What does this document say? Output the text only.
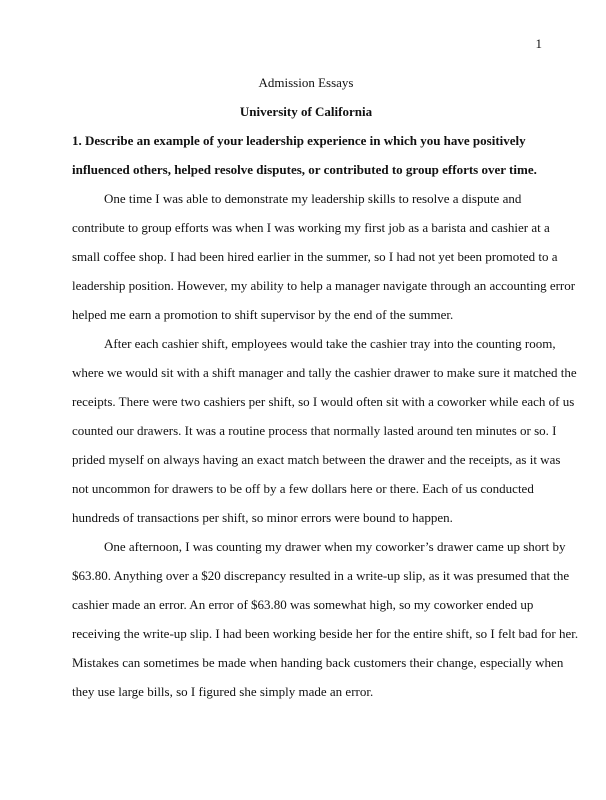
1

Admission Essays

University of California

1. Describe an example of your leadership experience in which you have positively
influenced others, helped resolve disputes, or contributed to group efforts over time.

One time I was able to demonstrate my leadership skills to resolve a dispute and
contribute to group efforts was when I was working my first job as a barista and cashier at a
small coffee shop. I had been hired earlier in the summer, so I had not yet been promoted to a
leadership position. However, my ability to help a manager navigate through an accounting error
helped me earn a promotion to shift supervisor by the end of the summer.

After each cashier shift, employees would take the cashier tray into the counting room,
where we would sit with a shift manager and tally the cashier drawer to make sure it matched the
receipts. There were two cashiers per shift, so I would often sit with a coworker while each of us
counted our drawers. It was a routine process that normally lasted around ten minutes or so. I
prided myself on always having an exact match between the drawer and the receipts, as it was
not uncommon for drawers to be off by a few dollars here or there. Each of us conducted
hundreds of transactions per shift, so minor errors were bound to happen.

One afternoon, I was counting my drawer when my coworker’s drawer came up short by
$63.80. Anything over a $20 discrepancy resulted in a write-up slip, as it was presumed that the
cashier made an error. An error of $63.80 was somewhat high, so my coworker ended up
receiving the write-up slip. I had been working beside her for the entire shift, so I felt bad for her.
Mistakes can sometimes be made when handing back customers their change, especially when
they use large bills, so I figured she simply made an error.
